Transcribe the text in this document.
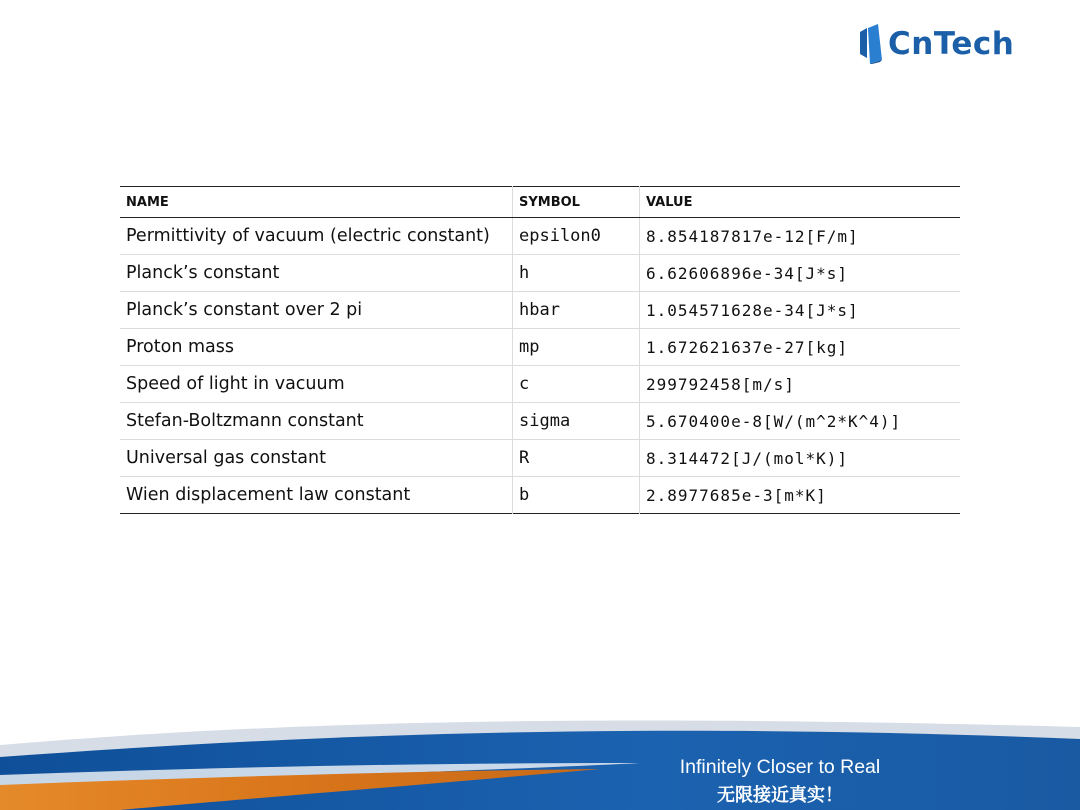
CnTech
NAME	SYMBOL	VALUE
Permittivity of vacuum (electric constant)	epsilon0	8.854187817e-12[F/m]
Planck’s constant	h	6.62606896e-34[J*s]
Planck’s constant over 2 pi	hbar	1.054571628e-34[J*s]
Proton mass	mp	1.672621637e-27[kg]
Speed of light in vacuum	c	299792458[m/s]
Stefan-Boltzmann constant	sigma	5.670400e-8[W/(m^2*K^4)]
Universal gas constant	R	8.314472[J/(mol*K)]
Wien displacement law constant	b	2.8977685e-3[m*K]
Infinitely Closer to Real
无限接近真实！
